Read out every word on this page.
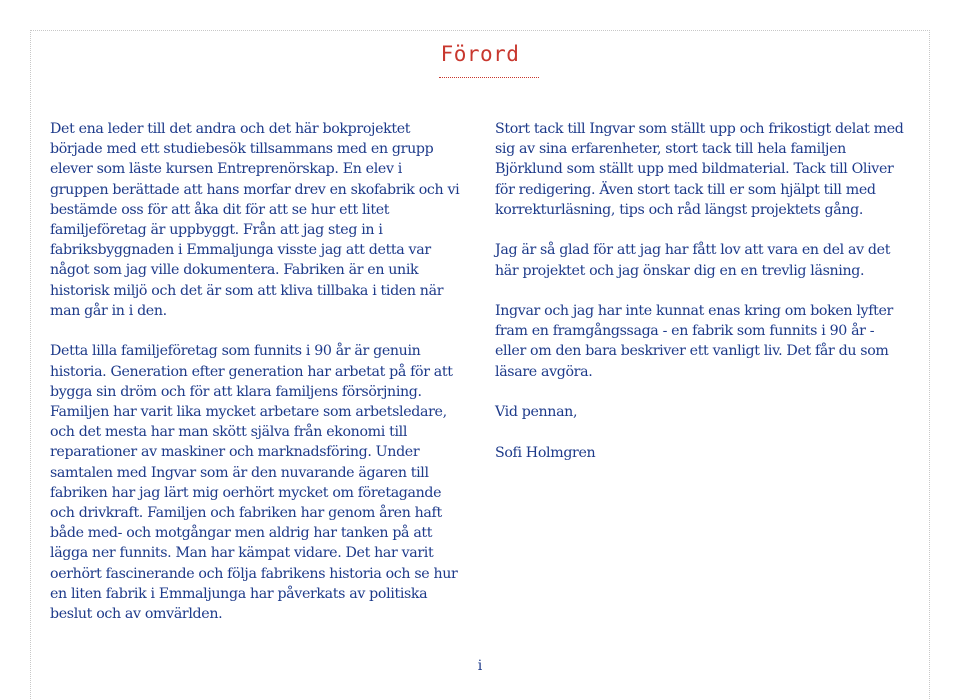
Förord

Det ena leder till det andra och det här bokprojektet började med ett studiebesök tillsammans med en grupp elever som läste kursen Entreprenörskap. En elev i gruppen berättade att hans morfar drev en skofabrik och vi bestämde oss för att åka dit för att se hur ett litet familjeföretag är uppbyggt. Från att jag steg in i fabriksbyggnaden i Emmaljunga visste jag att detta var något som jag ville dokumentera. Fabriken är en unik historisk miljö och det är som att kliva tillbaka i tiden när man går in i den.

Detta lilla familjeföretag som funnits i 90 år är genuin historia. Generation efter generation har arbetat på för att bygga sin dröm och för att klara familjens försörjning. Familjen har varit lika mycket arbetare som arbetsledare, och det mesta har man skött själva från ekonomi till reparationer av maskiner och marknadsföring. Under samtalen med Ingvar som är den nuvarande ägaren till fabriken har jag lärt mig oerhört mycket om företagande och drivkraft. Familjen och fabriken har genom åren haft både med- och motgångar men aldrig har tanken på att lägga ner funnits. Man har kämpat vidare. Det har varit oerhört fascinerande och följa fabrikens historia och se hur en liten fabrik i Emmaljunga har påverkats av politiska beslut och av omvärlden.

Stort tack till Ingvar som ställt upp och frikostigt delat med sig av sina erfarenheter, stort tack till hela familjen Björklund som ställt upp med bildmaterial. Tack till Oliver för redigering. Även stort tack till er som hjälpt till med korrekturläsning, tips och råd längst projektets gång.

Jag är så glad för att jag har fått lov att vara en del av det här projektet och jag önskar dig en en trevlig läsning.

Ingvar och jag har inte kunnat enas kring om boken lyfter fram en framgångssaga - en fabrik som funnits i 90 år - eller om den bara beskriver ett vanligt liv. Det får du som läsare avgöra.

Vid pennan,

Sofi Holmgren

i
